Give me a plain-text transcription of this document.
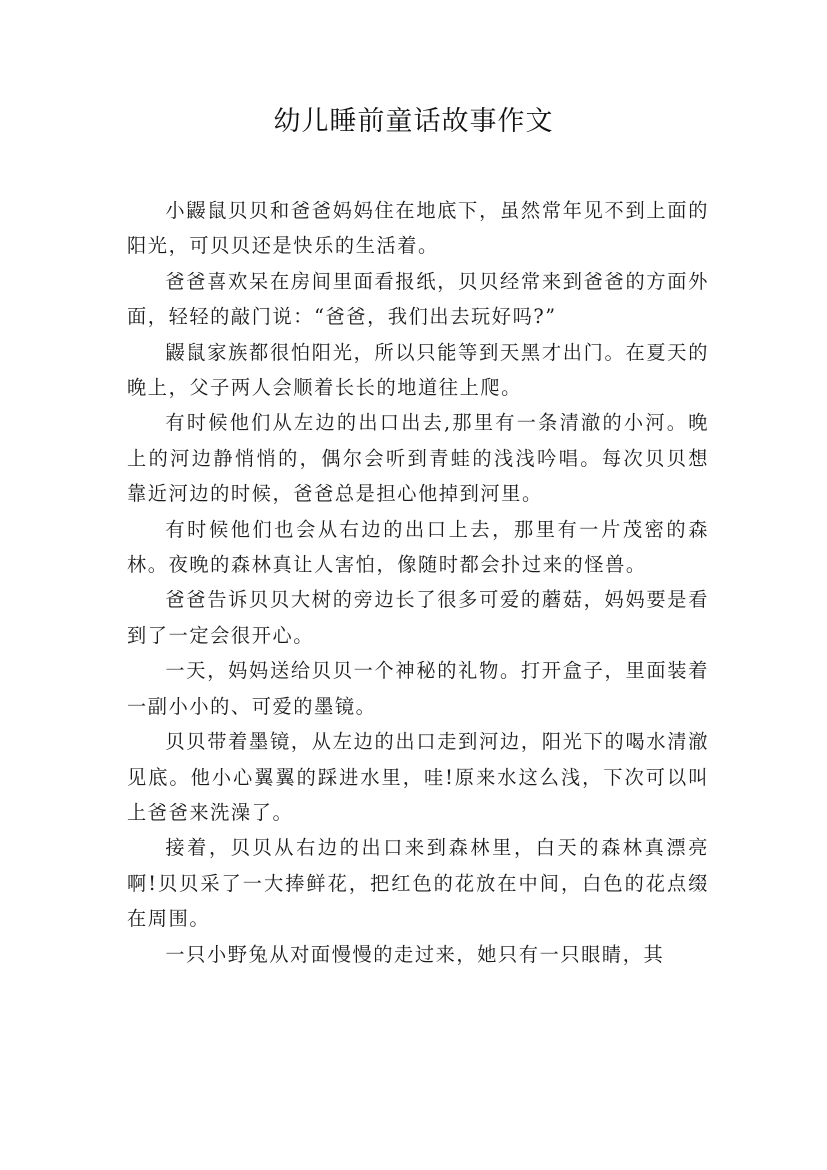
幼儿睡前童话故事作文

小鼹鼠贝贝和爸爸妈妈住在地底下，虽然常年见不到上面的阳光，可贝贝还是快乐的生活着。

爸爸喜欢呆在房间里面看报纸，贝贝经常来到爸爸的方面外面，轻轻的敲门说：“爸爸，我们出去玩好吗?”

鼹鼠家族都很怕阳光，所以只能等到天黑才出门。在夏天的晚上，父子两人会顺着长长的地道往上爬。

有时候他们从左边的出口出去,那里有一条清澈的小河。晚上的河边静悄悄的，偶尔会听到青蛙的浅浅吟唱。每次贝贝想靠近河边的时候，爸爸总是担心他掉到河里。

有时候他们也会从右边的出口上去，那里有一片茂密的森林。夜晚的森林真让人害怕，像随时都会扑过来的怪兽。

爸爸告诉贝贝大树的旁边长了很多可爱的蘑菇，妈妈要是看到了一定会很开心。

一天，妈妈送给贝贝一个神秘的礼物。打开盒子，里面装着一副小小的、可爱的墨镜。

贝贝带着墨镜，从左边的出口走到河边，阳光下的喝水清澈见底。他小心翼翼的踩进水里，哇!原来水这么浅，下次可以叫上爸爸来洗澡了。

接着，贝贝从右边的出口来到森林里，白天的森林真漂亮啊!贝贝采了一大捧鲜花，把红色的花放在中间，白色的花点缀在周围。

一只小野兔从对面慢慢的走过来，她只有一只眼睛，其
